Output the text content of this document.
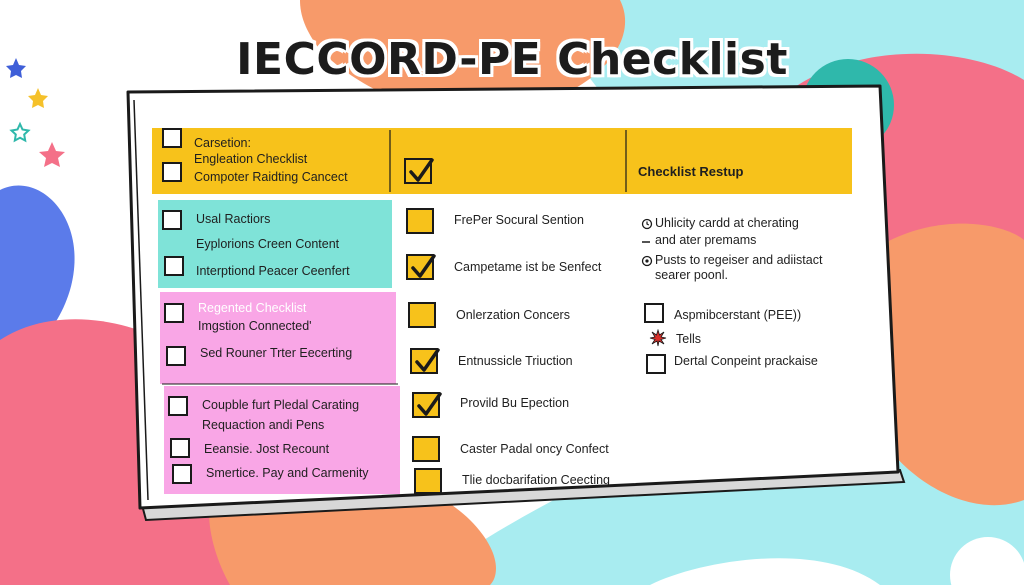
IECCORD-PE Checklist
Carsetion:
Engleation Checklist
Compoter Raidting Cancect	Checklist Restup
Usal Ractiors
Eyplorions Creen Content
Interptiond Peacer Ceenfert
Regented Checklist
Imgstion Connected'
Sed Rouner Trter Eecerting
Coupble furt Pledal Carating
Requaction andi Pens
Eeansie. Jost Recount
Smertice. Pay and Carmenity
FrePer Socural Sention
Campetame ist be Senfect
Onlerzation Concers
Entnussicle Triuction
Provild Bu Epection
Caster Padal oncy Confect
Tlie docbarifation Ceecting
Uhlicity cardd at cherating
and ater premams
Pusts to regeiser and adiistact
searer poonl.
Aspmibcerstant (PEE))
Tells
Dertal Conpeint prackaise
